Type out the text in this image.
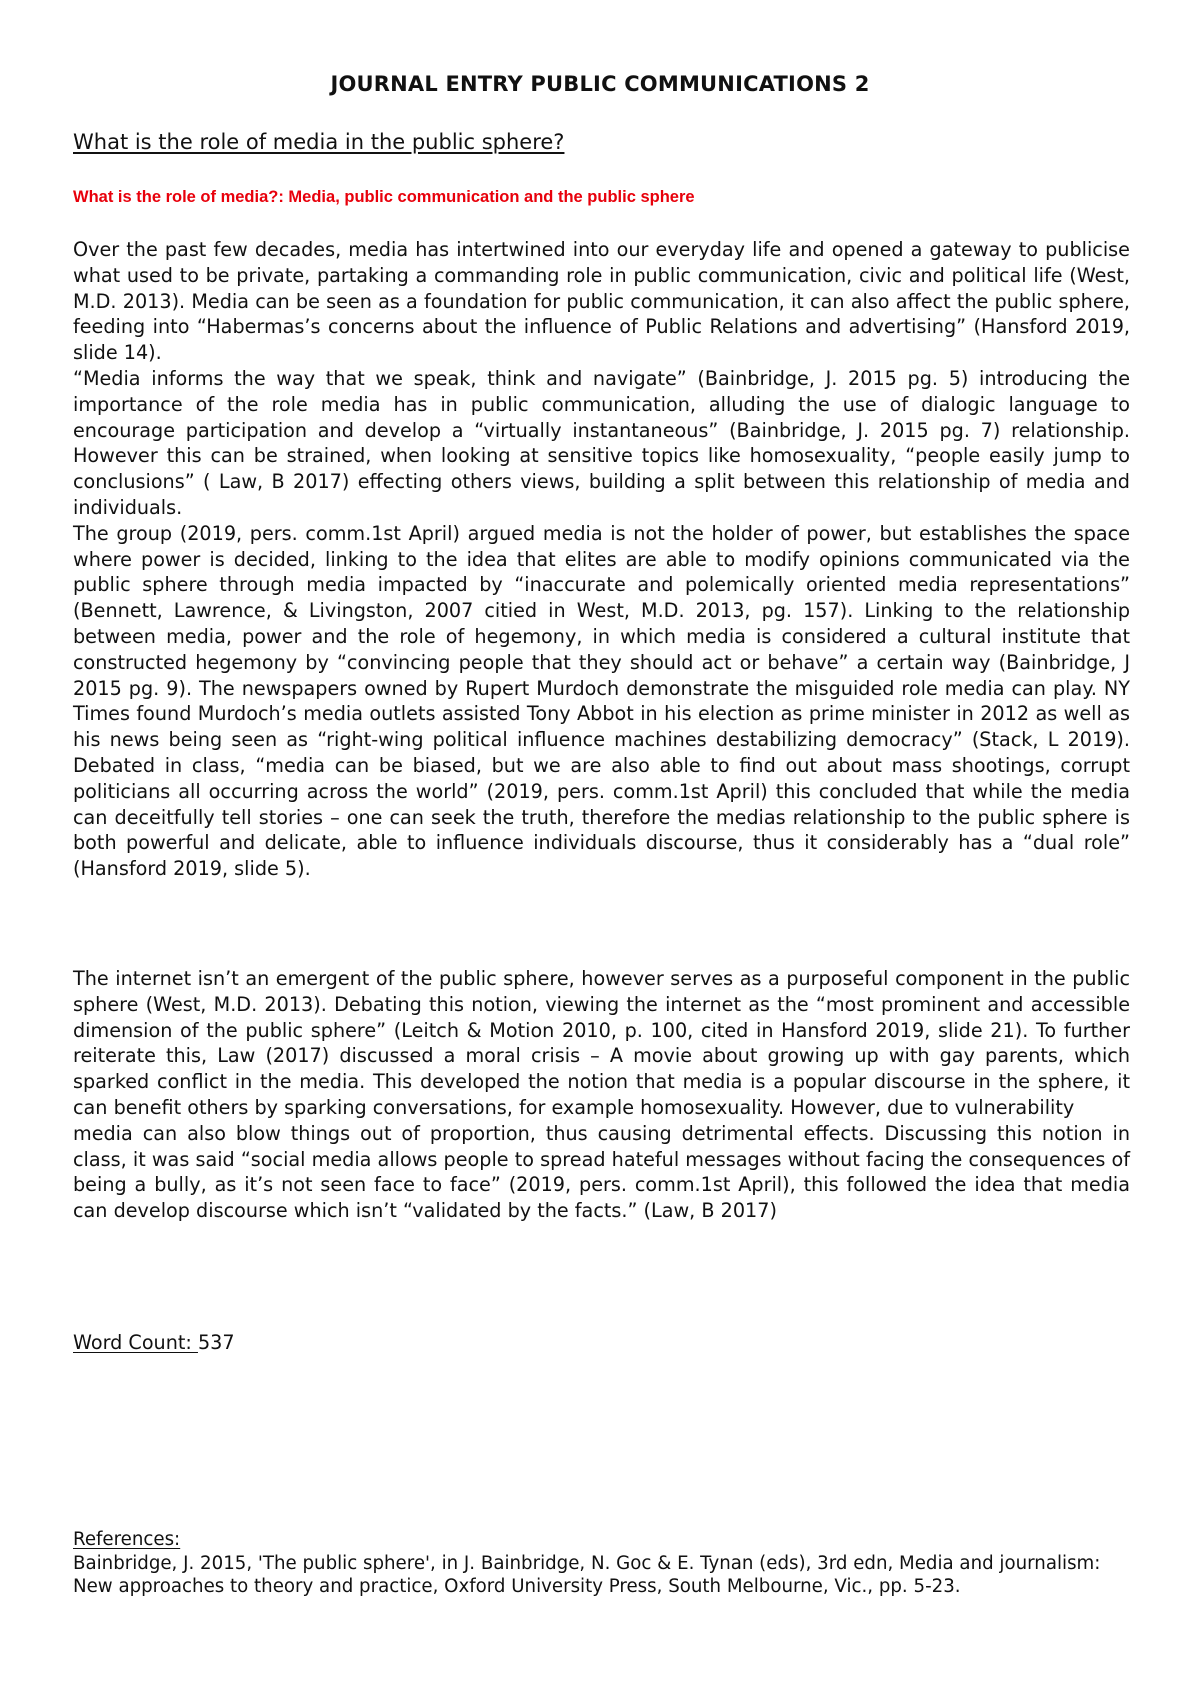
JOURNAL ENTRY PUBLIC COMMUNICATIONS 2
What is the role of media in the public sphere?
What is the role of media?: Media, public communication and the public sphere

Over the past few decades, media has intertwined into our everyday life and opened a gateway to publicise what used to be private, partaking a commanding role in public communication, civic and political life (West, M.D. 2013). Media can be seen as a foundation for public communication, it can also affect the public sphere, feeding into “Habermas’s concerns about the influence of Public Relations and advertising” (Hansford 2019, slide 14).

“Media informs the way that we speak, think and navigate” (Bainbridge, J. 2015 pg. 5) introducing the importance of the role media has in public communication, alluding the use of dialogic language to encourage participation and develop a “virtually instantaneous” (Bainbridge, J. 2015 pg. 7) relationship. However this can be strained, when looking at sensitive topics like homosexuality, “people easily jump to conclusions” ( Law, B 2017) effecting others views, building a split between this relationship of media and individuals.

The group (2019, pers. comm.1st April) argued media is not the holder of power, but establishes the space where power is decided, linking to the idea that elites are able to modify opinions communicated via the public sphere through media impacted by “inaccurate and polemically oriented media representations” (Bennett, Lawrence, & Livingston, 2007 citied in West, M.D. 2013, pg. 157). Linking to the relationship between media, power and the role of hegemony, in which media is considered a cultural institute that constructed hegemony by “convincing people that they should act or behave” a certain way (Bainbridge, J 2015 pg. 9). The newspapers owned by Rupert Murdoch demonstrate the misguided role media can play. NY Times found Murdoch’s media outlets assisted Tony Abbot in his election as prime minister in 2012 as well as his news being seen as “right-wing political influence machines destabilizing democracy” (Stack, L 2019). Debated in class, “media can be biased, but we are also able to find out about mass shootings, corrupt politicians all occurring across the world” (2019, pers. comm.1st April) this concluded that while the media can deceitfully tell stories – one can seek the truth, therefore the medias relationship to the public sphere is both powerful and delicate, able to influence individuals discourse, thus it considerably has a “dual role” (Hansford 2019, slide 5).

The internet isn’t an emergent of the public sphere, however serves as a purposeful component in the public sphere (West, M.D. 2013). Debating this notion, viewing the internet as the “most prominent and accessible dimension of the public sphere” (Leitch & Motion 2010, p. 100, cited in Hansford 2019, slide 21). To further reiterate this, Law (2017) discussed a moral crisis – A movie about growing up with gay parents, which sparked conflict in the media. This developed the notion that media is a popular discourse in the sphere, it can benefit others by sparking conversations, for example homosexuality. However, due to vulnerability

media can also blow things out of proportion, thus causing detrimental effects. Discussing this notion in class, it was said “social media allows people to spread hateful messages without facing the consequences of being a bully, as it’s not seen face to face” (2019, pers. comm.1st April), this followed the idea that media can develop discourse which isn’t “validated by the facts.” (Law, B 2017)

Word Count: 537
References:
Bainbridge, J. 2015, 'The public sphere', in J. Bainbridge, N. Goc & E. Tynan (eds), 3rd edn, Media and journalism: New approaches to theory and practice, Oxford University Press, South Melbourne, Vic., pp. 5-23.
